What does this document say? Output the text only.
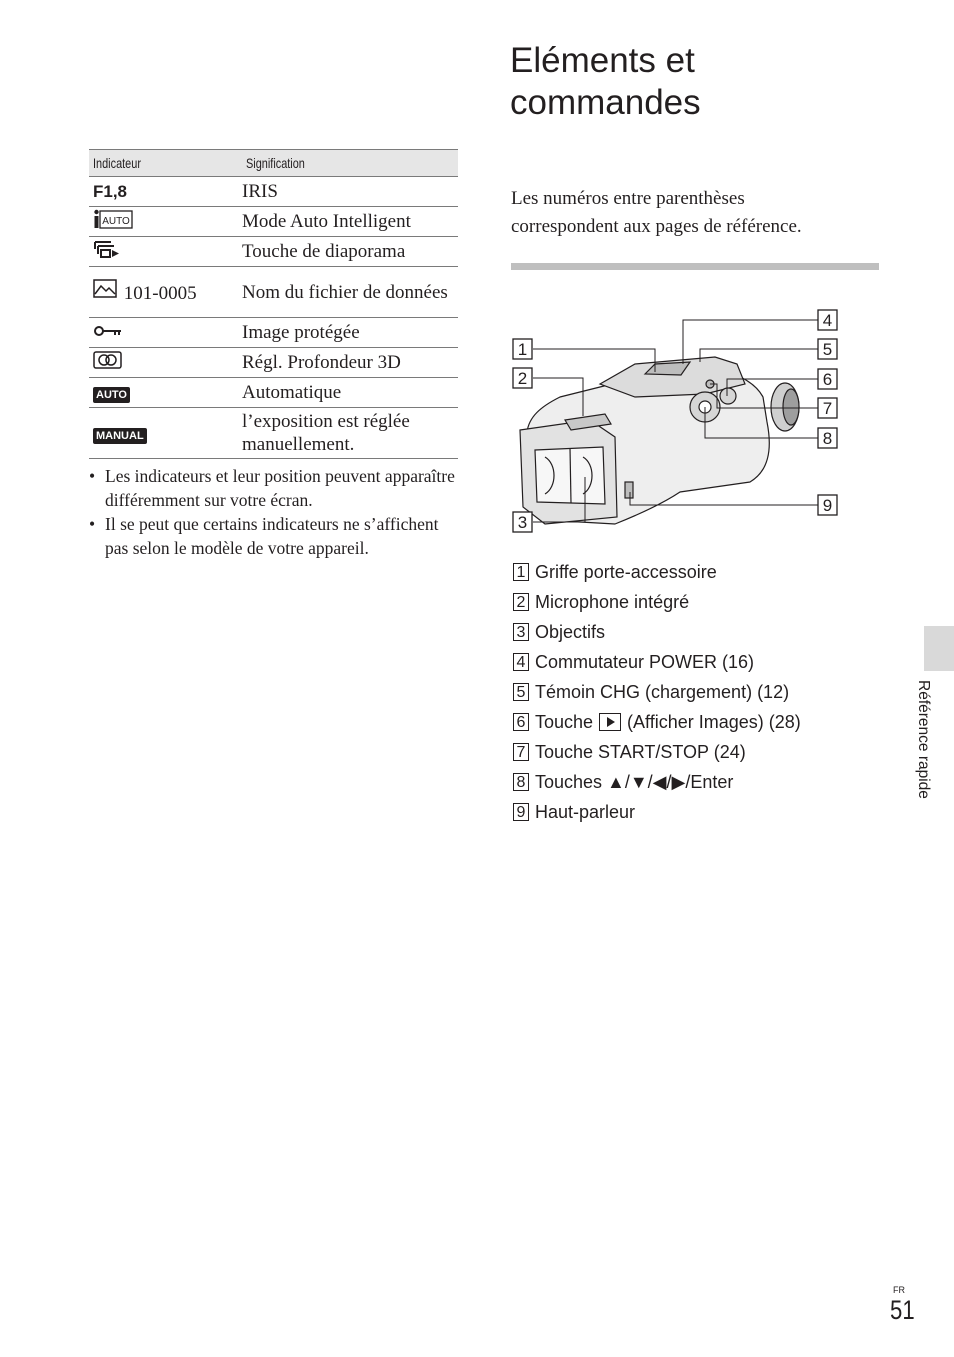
Indicateur	Signification
F1,8	IRIS

AUTO	Mode Auto Intelligent

	Touche de diaporama

101-0005	Nom du fichier de données

	Image protégée

	Régl. Profondeur 3D
AUTO	Automatique
MANUAL	l’exposition est réglée manuellement.
• Les indicateurs et leur position peuvent apparaître différemment sur votre écran.
• Il se peut que certains indicateurs ne s’affichent pas selon le modèle de votre appareil.
Eléments et
commandes

Les numéros entre parenthèses correspondent aux pages de référence.

1
2
3
4
5
6
7
8
9
1 Griffe porte-accessoire
2 Microphone intégré
3 Objectifs
4 Commutateur POWER (16)
5 Témoin CHG (chargement) (12)
6 Touche (Afficher Images) (28)
7 Touche START/STOP (24)
8 Touches ▲/▼/◀/▶/Enter
9 Haut-parleur
Référence rapide
FR
51
